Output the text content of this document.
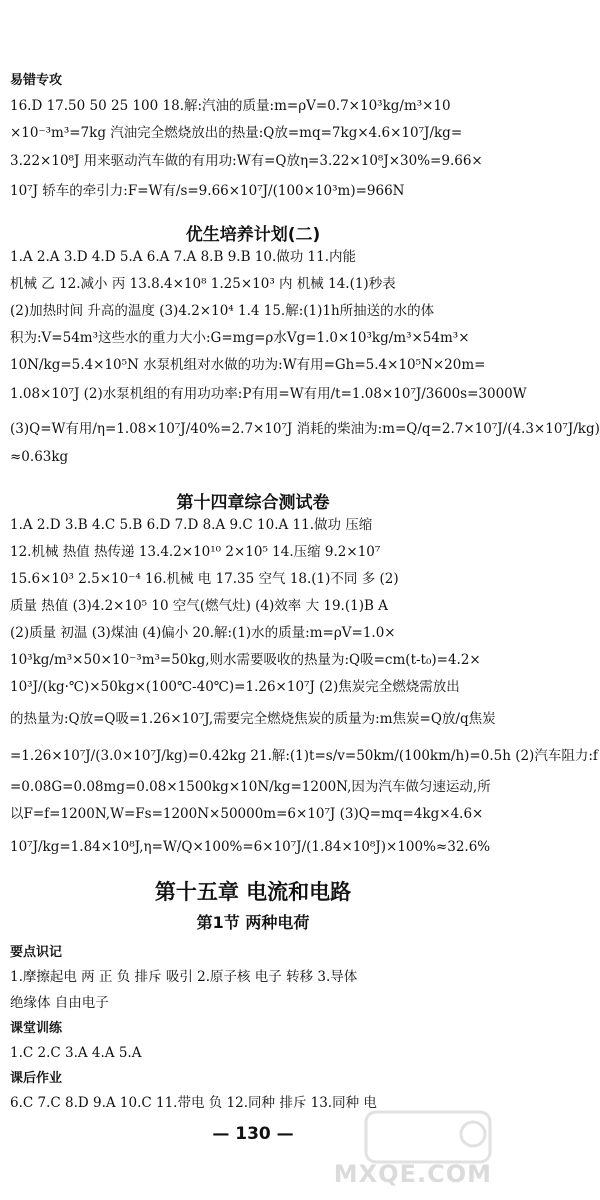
易错专攻
16.D 17.50 50 25 100 18.解:汽油的质量:m=ρV=0.7×10³kg/m³×10
×10⁻³m³=7kg 汽油完全燃烧放出的热量:Q放=mq=7kg×4.6×10⁷J/kg=
3.22×10⁸J 用来驱动汽车做的有用功:W有=Q放η=3.22×10⁸J×30%=9.66×
10⁷J 轿车的牵引力:F=W有/s=9.66×10⁷J/(100×10³m)=966N
优生培养计划(二)
1.A 2.A 3.D 4.D 5.A 6.A 7.A 8.B 9.B 10.做功 11.内能
机械 乙 12.减小 丙 13.8.4×10⁸ 1.25×10³ 内 机械 14.(1)秒表
(2)加热时间 升高的温度 (3)4.2×10⁴ 1.4 15.解:(1)1h所抽送的水的体
积为:V=54m³这些水的重力大小:G=mg=ρ水Vg=1.0×10³kg/m³×54m³×
10N/kg=5.4×10⁵N 水泵机组对水做的功为:W有用=Gh=5.4×10⁵N×20m=
1.08×10⁷J (2)水泵机组的有用功功率:P有用=W有用/t=1.08×10⁷J/3600s=3000W
(3)Q=W有用/η=1.08×10⁷J/40%=2.7×10⁷J 消耗的柴油为:m=Q/q=2.7×10⁷J/(4.3×10⁷J/kg)
≈0.63kg
第十四章综合测试卷
1.A 2.D 3.B 4.C 5.B 6.D 7.D 8.A 9.C 10.A 11.做功 压缩
12.机械 热值 热传递 13.4.2×10¹⁰ 2×10⁵ 14.压缩 9.2×10⁷
15.6×10³ 2.5×10⁻⁴ 16.机械 电 17.35 空气 18.(1)不同 多 (2)
质量 热值 (3)4.2×10⁵ 10 空气(燃气灶) (4)效率 大 19.(1)B A
(2)质量 初温 (3)煤油 (4)偏小 20.解:(1)水的质量:m=ρV=1.0×
10³kg/m³×50×10⁻³m³=50kg,则水需要吸收的热量为:Q吸=cm(t-t₀)=4.2×
10³J/(kg·℃)×50kg×(100℃-40℃)=1.26×10⁷J (2)焦炭完全燃烧需放出
的热量为:Q放=Q吸=1.26×10⁷J,需要完全燃烧焦炭的质量为:m焦炭=Q放/q焦炭
=1.26×10⁷J/(3.0×10⁷J/kg)=0.42kg 21.解:(1)t=s/v=50km/(100km/h)=0.5h (2)汽车阻力:f
=0.08G=0.08mg=0.08×1500kg×10N/kg=1200N,因为汽车做匀速运动,所
以F=f=1200N,W=Fs=1200N×50000m=6×10⁷J (3)Q=mq=4kg×4.6×
10⁷J/kg=1.84×10⁸J,η=W/Q×100%=6×10⁷J/(1.84×10⁸J)×100%≈32.6%
第十五章 电流和电路
第1节 两种电荷
要点识记
1.摩擦起电 两 正 负 排斥 吸引 2.原子核 电子 转移 3.导体
绝缘体 自由电子
课堂训练
1.C 2.C 3.A 4.A 5.A
课后作业
6.C 7.C 8.D 9.A 10.C 11.带电 负 12.同种 排斥 13.同种 电
— 130 —
MXQE.COM
